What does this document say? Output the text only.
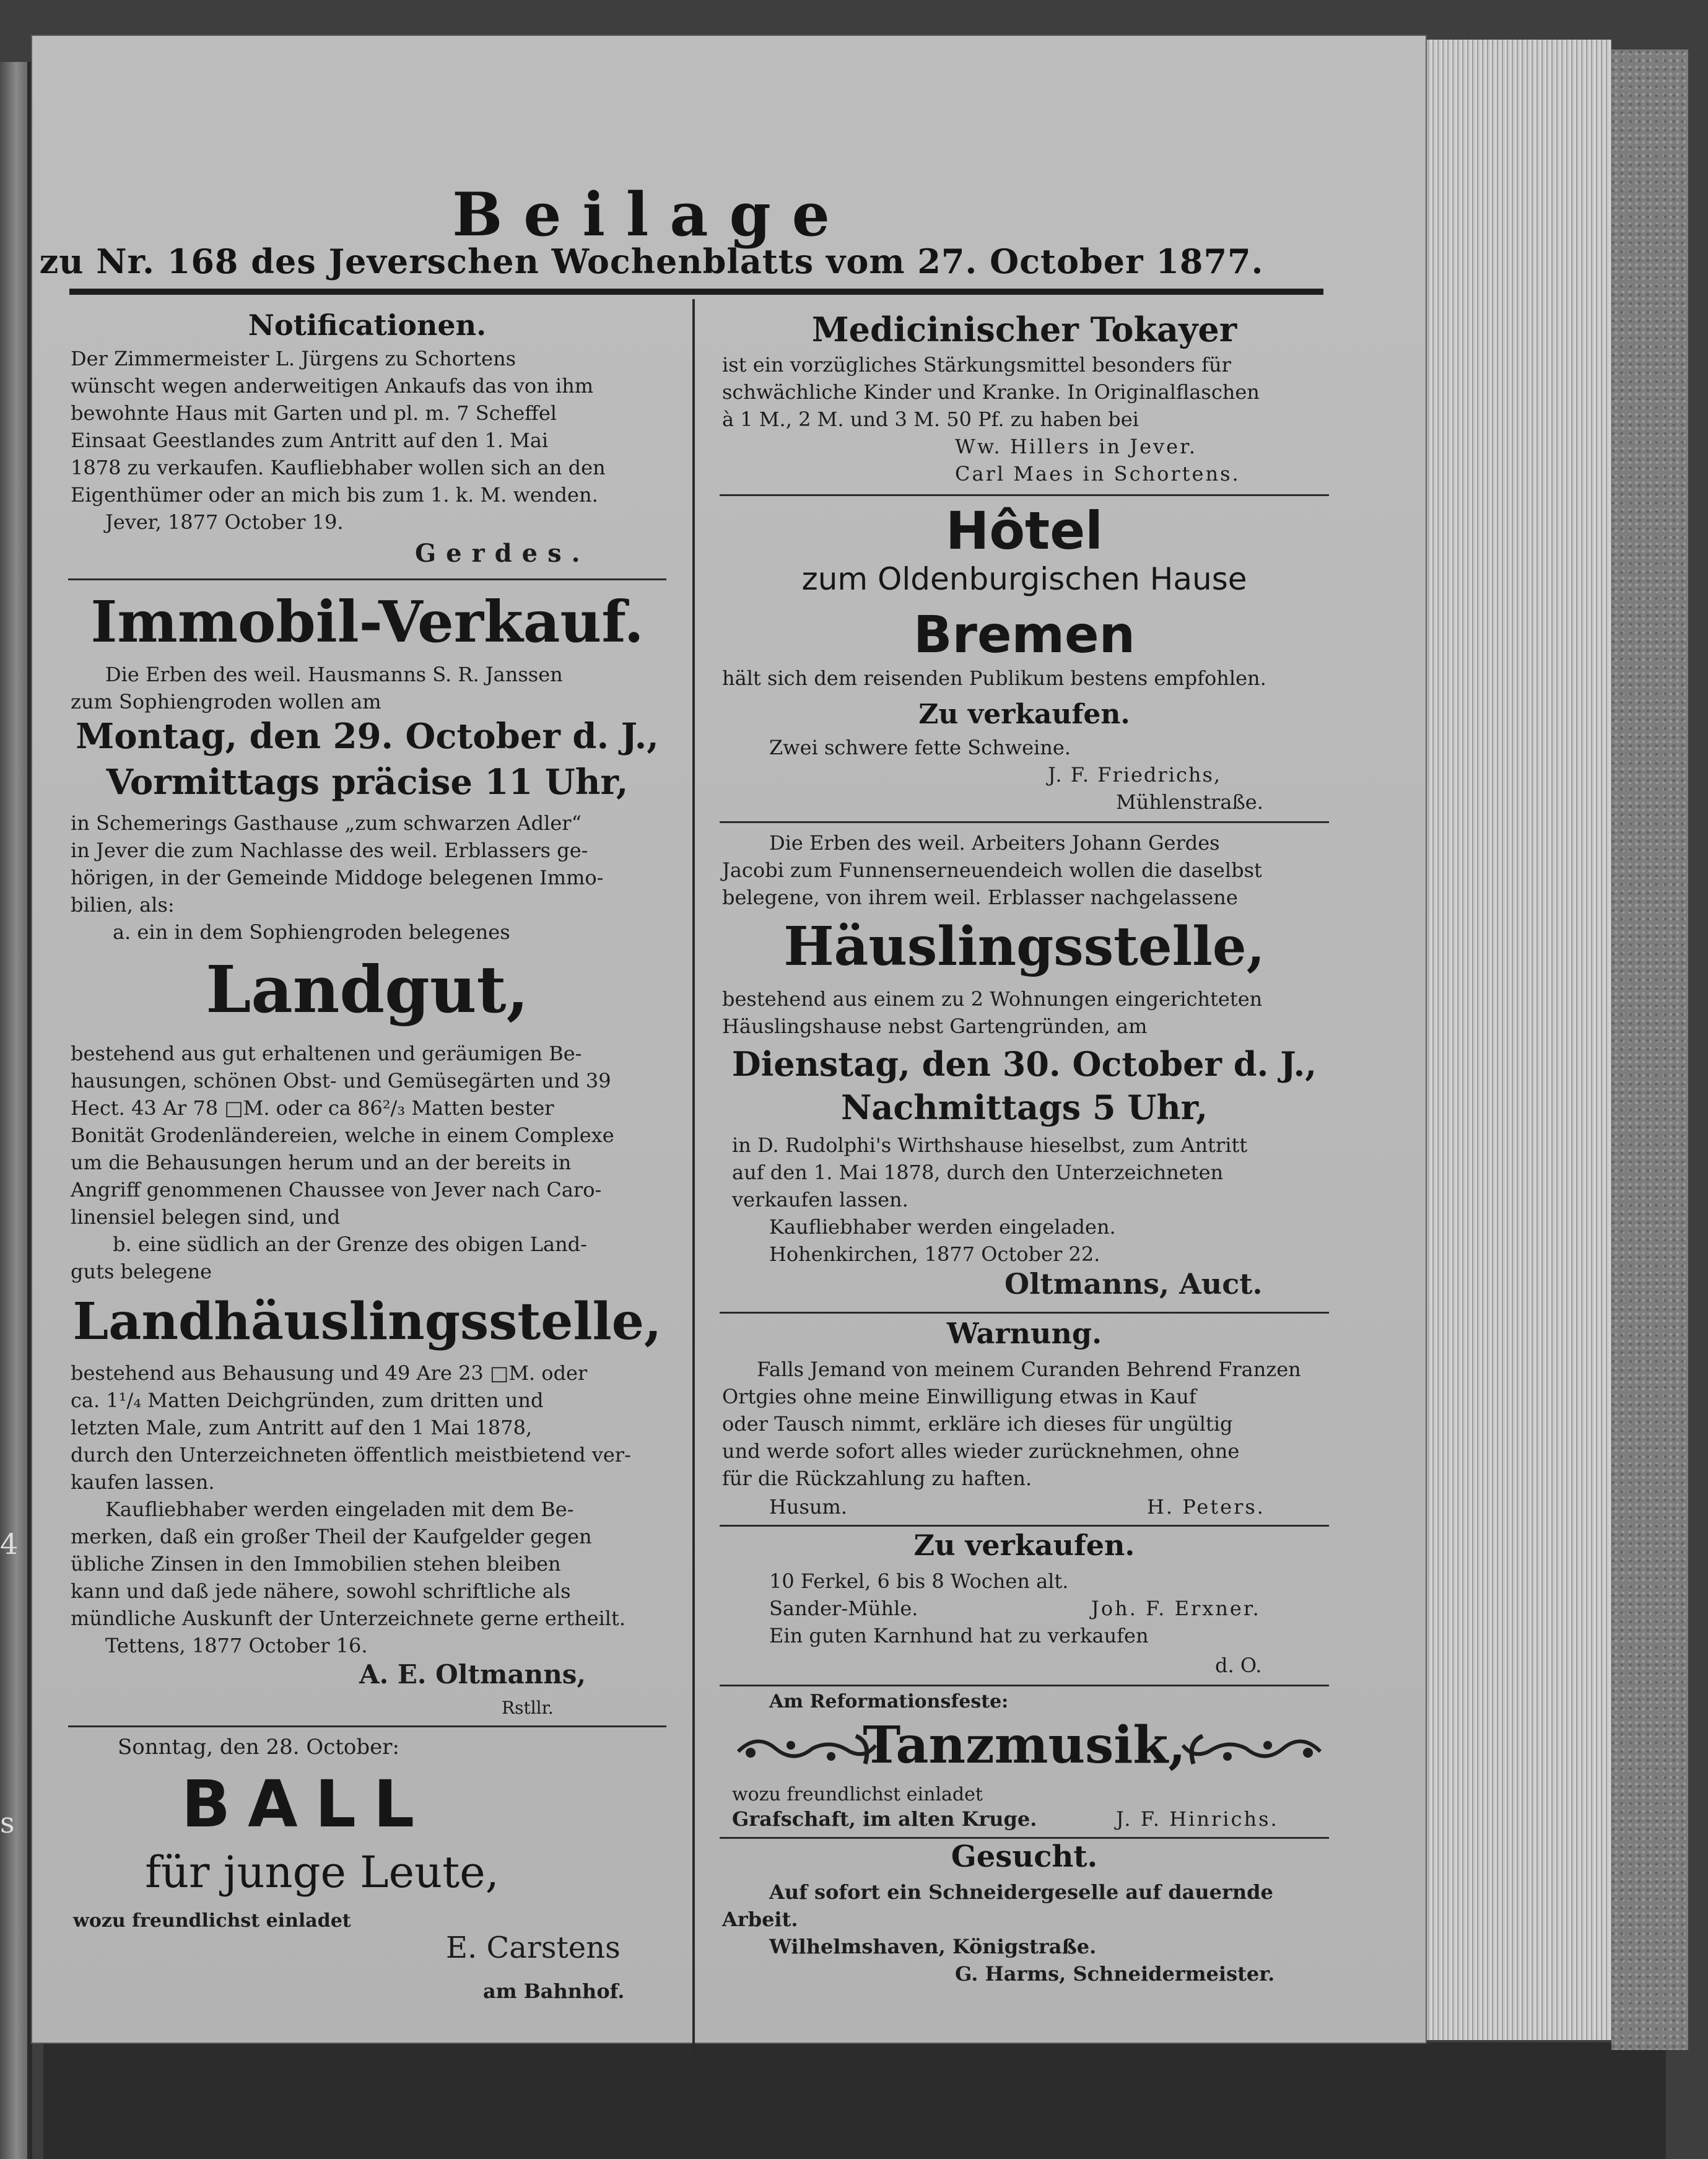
4
s
Beilage
zu Nr. 168 des Jeverschen Wochenblatts vom 27. October 1877.
Notificationen.
Der Zimmermeister L. Jürgens zu Schortens
wünscht wegen anderweitigen Ankaufs das von ihm
bewohnte Haus mit Garten und pl. m. 7 Scheffel
Einsaat Geestlandes zum Antritt auf den 1. Mai
1878 zu verkaufen. Kaufliebhaber wollen sich an den
Eigenthümer oder an mich bis zum 1. k. M. wenden.
Jever, 1877 October 19.
Gerdes.
Immobil-Verkauf.
Die Erben des weil. Hausmanns S. R. Janssen
zum Sophiengroden wollen am
Montag, den 29. October d. J.,
Vormittags präcise 11 Uhr,
in Schemerings Gasthause „zum schwarzen Adler“
in Jever die zum Nachlasse des weil. Erblassers ge-
hörigen, in der Gemeinde Middoge belegenen Immo-
bilien, als:
a. ein in dem Sophiengroden belegenes
Landgut,
bestehend aus gut erhaltenen und geräumigen Be-
hausungen, schönen Obst- und Gemüsegärten und 39
Hect. 43 Ar 78 □M. oder ca 86²/₃ Matten bester
Bonität Grodenländereien, welche in einem Complexe
um die Behausungen herum und an der bereits in
Angriff genommenen Chaussee von Jever nach Caro-
linensiel belegen sind, und
b. eine südlich an der Grenze des obigen Land-
guts belegene
Landhäuslingsstelle,
bestehend aus Behausung und 49 Are 23 □M. oder
ca. 1¹/₄ Matten Deichgründen, zum dritten und
letzten Male, zum Antritt auf den 1 Mai 1878,
durch den Unterzeichneten öffentlich meistbietend ver-
kaufen lassen.
Kaufliebhaber werden eingeladen mit dem Be-
merken, daß ein großer Theil der Kaufgelder gegen
übliche Zinsen in den Immobilien stehen bleiben
kann und daß jede nähere, sowohl schriftliche als
mündliche Auskunft der Unterzeichnete gerne ertheilt.
Tettens, 1877 October 16.
A. E. Oltmanns,
Rstllr.
Sonntag, den 28. October:
BALL
für junge Leute,
wozu freundlichst einladet
E. Carstens
am Bahnhof.
Medicinischer Tokayer
ist ein vorzügliches Stärkungsmittel besonders für
schwächliche Kinder und Kranke. In Originalflaschen
à 1 M., 2 M. und 3 M. 50 Pf. zu haben bei
Ww. Hillers in Jever.
Carl Maes in Schortens.
Hôtel
zum Oldenburgischen Hause
Bremen
hält sich dem reisenden Publikum bestens empfohlen.
Zu verkaufen.
Zwei schwere fette Schweine.
J. F. Friedrichs,
Mühlenstraße.
Die Erben des weil. Arbeiters Johann Gerdes
Jacobi zum Funnenserneuendeich wollen die daselbst
belegene, von ihrem weil. Erblasser nachgelassene
Häuslingsstelle,
bestehend aus einem zu 2 Wohnungen eingerichteten
Häuslingshause nebst Gartengründen, am
Dienstag, den 30. October d. J.,
Nachmittags 5 Uhr,
in D. Rudolphi's Wirthshause hieselbst, zum Antritt
auf den 1. Mai 1878, durch den Unterzeichneten
verkaufen lassen.
Kaufliebhaber werden eingeladen.
Hohenkirchen, 1877 October 22.
Oltmanns, Auct.
Warnung.
Falls Jemand von meinem Curanden Behrend Franzen
Ortgies ohne meine Einwilligung etwas in Kauf
oder Tausch nimmt, erkläre ich dieses für ungültig
und werde sofort alles wieder zurücknehmen, ohne
für die Rückzahlung zu haften.
Husum.	H. Peters.
Zu verkaufen.
10 Ferkel, 6 bis 8 Wochen alt.
Sander-Mühle.	Joh. F. Erxner.
Ein guten Karnhund hat zu verkaufen
d. O.
Am Reformationsfeste:
Tanzmusik,
wozu freundlichst einladet
Grafschaft, im alten Kruge.	J. F. Hinrichs.
Gesucht.
Auf sofort ein Schneidergeselle auf dauernde
Arbeit.
Wilhelmshaven, Königstraße.
G. Harms, Schneidermeister.
